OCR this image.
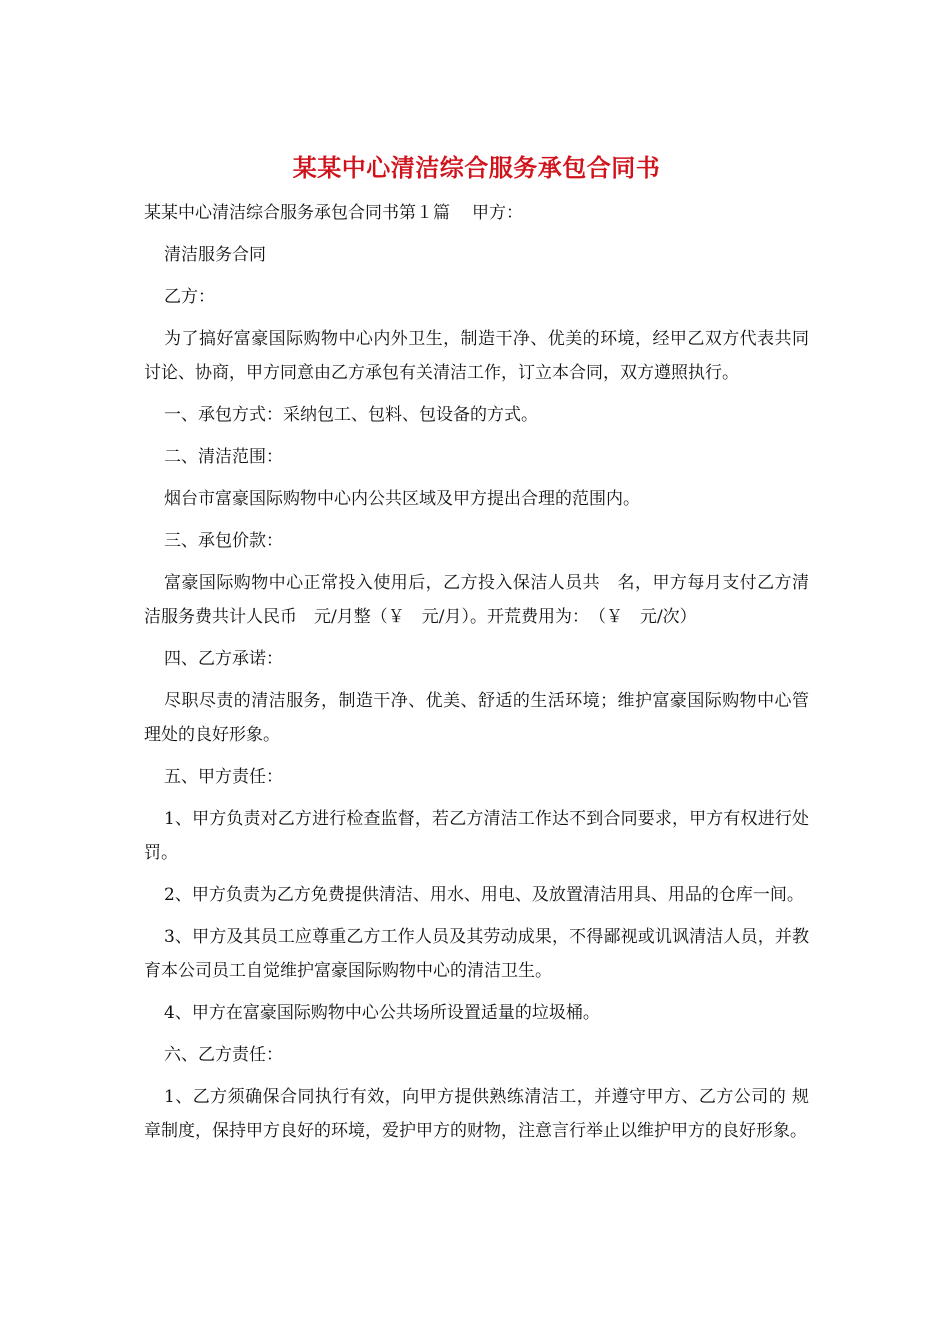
某某中心清洁综合服务承包合同书

某某中心清洁综合服务承包合同书第１篇 甲方：

清洁服务合同

乙方：

为了搞好富豪国际购物中心内外卫生，制造干净、优美的环境，经甲乙双方代表共同讨论、协商，甲方同意由乙方承包有关清洁工作，订立本合同，双方遵照执行。

一、承包方式：采纳包工、包料、包设备的方式。

二、清洁范围：

烟台市富豪国际购物中心内公共区域及甲方提出合理的范围内。

三、承包价款：

富豪国际购物中心正常投入使用后，乙方投入保洁人员共　名，甲方每月支付乙方清洁服务费共计人民币　元/月整（￥　元/月）。开荒费用为：　（￥　元/次）

四、乙方承诺：

尽职尽责的清洁服务，制造干净、优美、舒适的生活环境；维护富豪国际购物中心管理处的良好形象。

五、甲方责任：

1、甲方负责对乙方进行检查监督，若乙方清洁工作达不到合同要求，甲方有权进行处罚。

2、甲方负责为乙方免费提供清洁、用水、用电、及放置清洁用具、用品的仓库一间。

3、甲方及其员工应尊重乙方工作人员及其劳动成果，不得鄙视或讥讽清洁人员，并教育本公司员工自觉维护富豪国际购物中心的清洁卫生。

4、甲方在富豪国际购物中心公共场所设置适量的垃圾桶。

六、乙方责任：

1、乙方须确保合同执行有效，向甲方提供熟练清洁工，并遵守甲方、乙方公司的 规章制度，保持甲方良好的环境，爱护甲方的财物，注意言行举止以维护甲方的良好形象。
